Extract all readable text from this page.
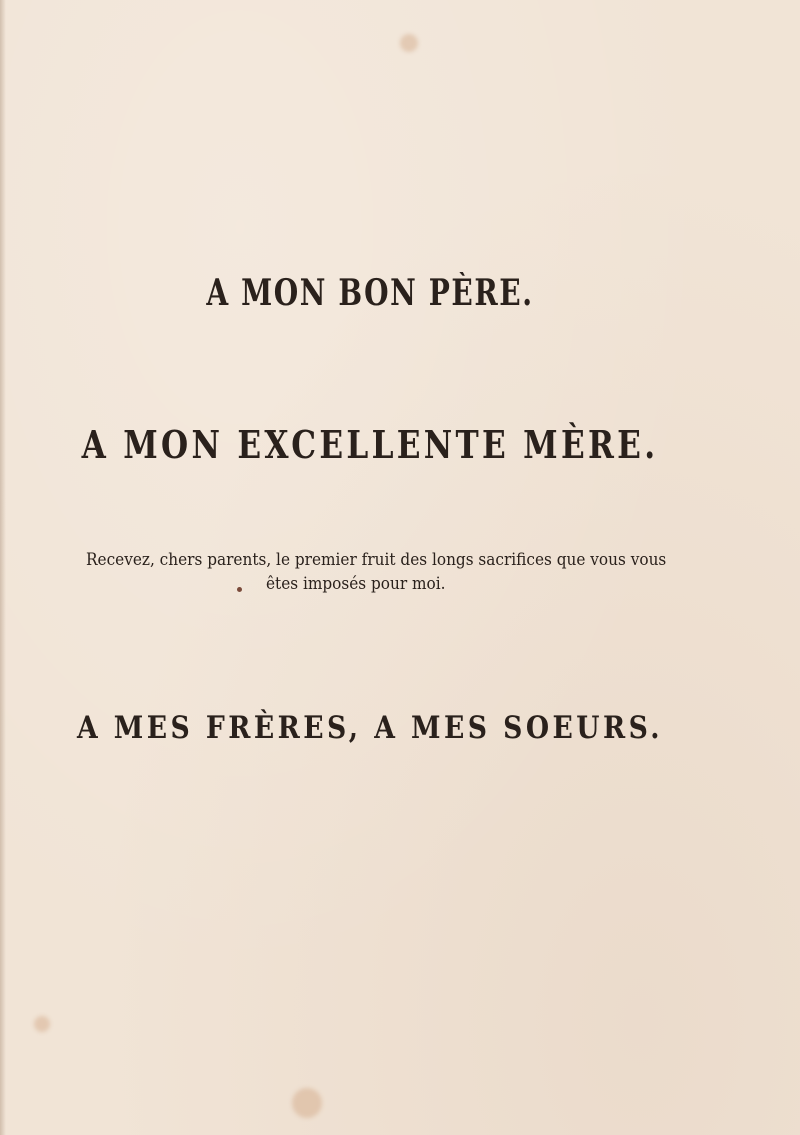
A MON BON PÈRE.
A MON EXCELLENTE MÈRE.
Recevez, chers parents, le premier fruit des longs sacrifices que vous vous
êtes imposés pour moi.
A MES FRÈRES, A MES SOEURS.
